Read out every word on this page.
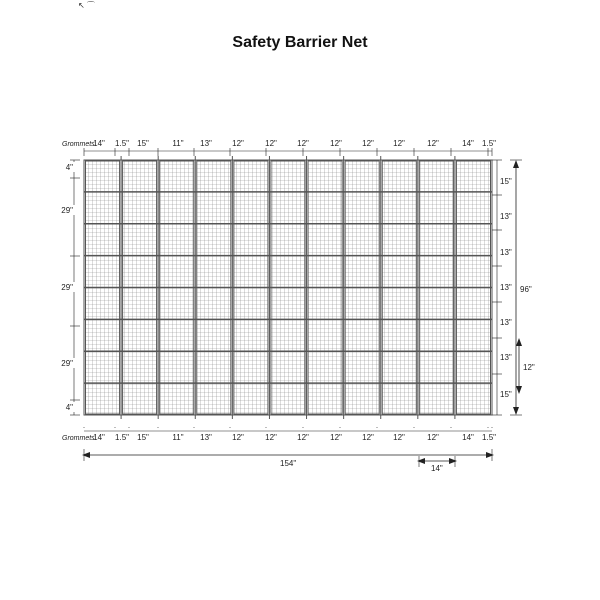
Safety Barrier Net
↖ ⌒
Grommets
Grommets
14" 1.5" 15"	11" 13"	12"	12"	12"	12"	12" 12"	12"	14" 1.5"
14" 1.5" 15"	11" 13"	12"	12"	12"	12"	12" 12"	12"	14" 1.5"
4"
29"
29"
29"
4"
15"
13"
13"
13"
13"
13"
15"
96"
12"
154"
14"
